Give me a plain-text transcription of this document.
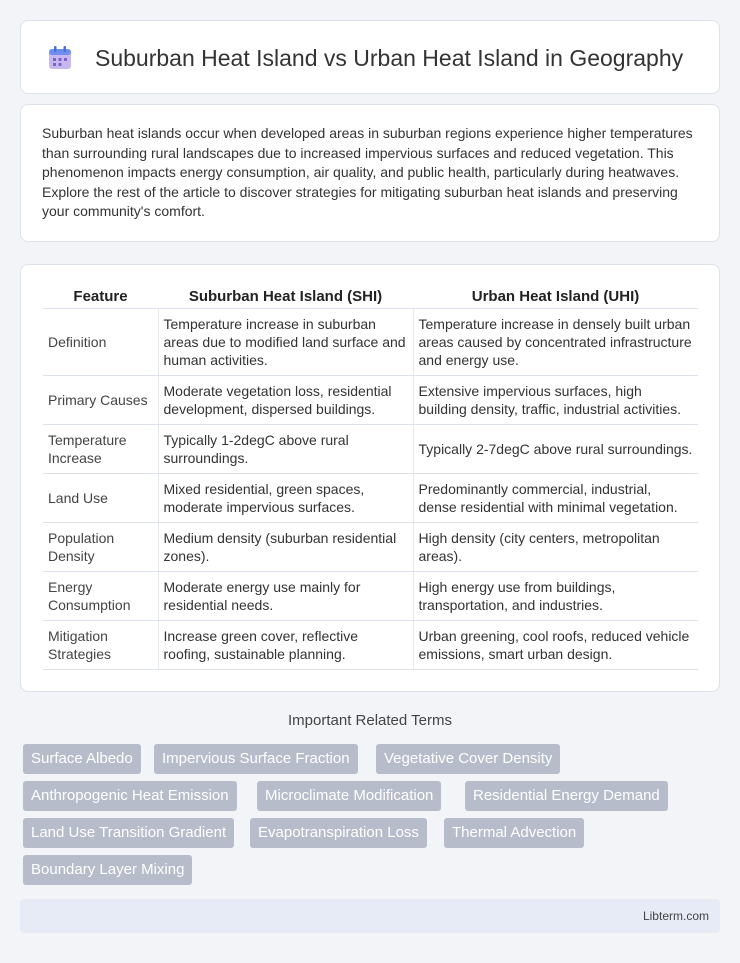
Suburban Heat Island vs Urban Heat Island in Geography

Suburban heat islands occur when developed areas in suburban regions experience higher temperatures than surrounding rural landscapes due to increased impervious surfaces and reduced vegetation. This phenomenon impacts energy consumption, air quality, and public health, particularly during heatwaves. Explore the rest of the article to discover strategies for mitigating suburban heat islands and preserving your community's comfort.

Feature	Suburban Heat Island (SHI)	Urban Heat Island (UHI)
Definition	Temperature increase in suburban areas due to modified land surface and human activities.	Temperature increase in densely built urban areas caused by concentrated infrastructure and energy use.
Primary Causes	Moderate vegetation loss, residential development, dispersed buildings.	Extensive impervious surfaces, high building density, traffic, industrial activities.
Temperature Increase	Typically 1-2degC above rural surroundings.	Typically 2-7degC above rural surroundings.
Land Use	Mixed residential, green spaces, moderate impervious surfaces.	Predominantly commercial, industrial, dense residential with minimal vegetation.
Population Density	Medium density (suburban residential zones).	High density (city centers, metropolitan areas).
Energy Consumption	Moderate energy use mainly for residential needs.	High energy use from buildings, transportation, and industries.
Mitigation Strategies	Increase green cover, reflective roofing, sustainable planning.	Urban greening, cool roofs, reduced vehicle emissions, smart urban design.
Important Related Terms
Surface Albedo	Impervious Surface Fraction	Vegetative Cover Density
Anthropogenic Heat Emission	Microclimate Modification	Residential Energy Demand
Land Use Transition Gradient	Evapotranspiration Loss	Thermal Advection
Boundary Layer Mixing
Libterm.com
